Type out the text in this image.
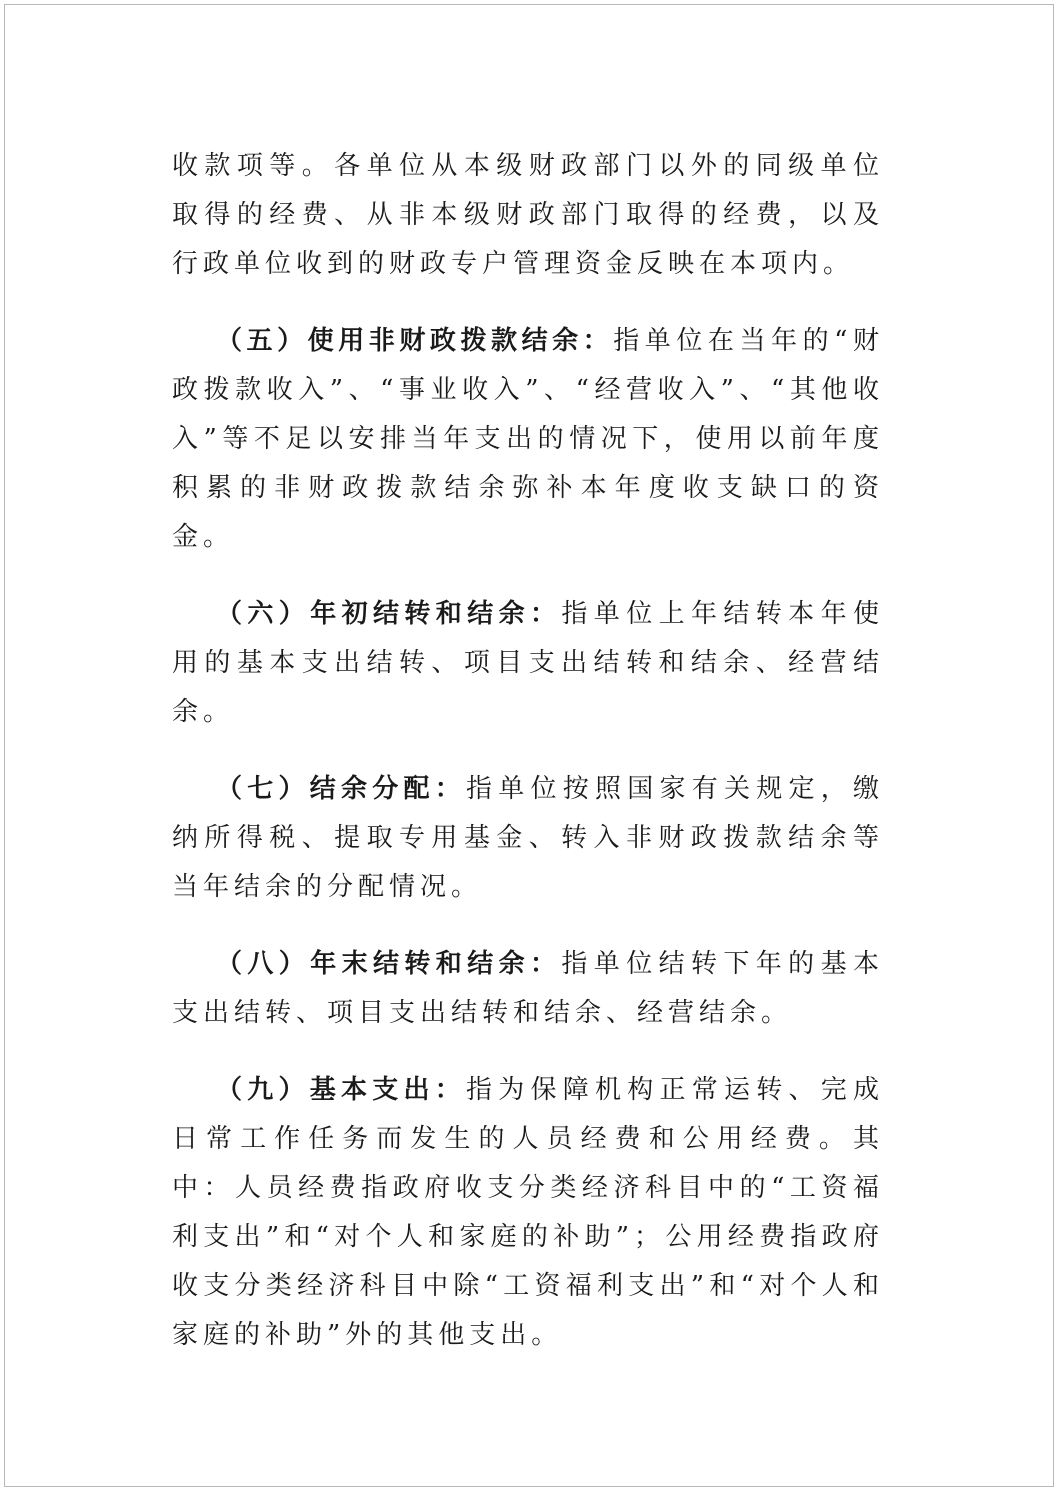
收款项等。各单位从本级财政部门以外的同级单位取得的经费、从非本级财政部门取得的经费，以及行政单位收到的财政专户管理资金反映在本项内。

（五）使用非财政拨款结余：指单位在当年的“财政拨款收入”、“事业收入”、“经营收入”、“其他收入”等不足以安排当年支出的情况下，使用以前年度积累的非财政拨款结余弥补本年度收支缺口的资金。

（六）年初结转和结余：指单位上年结转本年使用的基本支出结转、项目支出结转和结余、经营结余。

（七）结余分配：指单位按照国家有关规定，缴纳所得税、提取专用基金、转入非财政拨款结余等当年结余的分配情况。

（八）年末结转和结余：指单位结转下年的基本支出结转、项目支出结转和结余、经营结余。

（九）基本支出：指为保障机构正常运转、完成日常工作任务而发生的人员经费和公用经费。其中：人员经费指政府收支分类经济科目中的“工资福利支出”和“对个人和家庭的补助”；公用经费指政府收支分类经济科目中除“工资福利支出”和“对个人和家庭的补助”外的其他支出。
